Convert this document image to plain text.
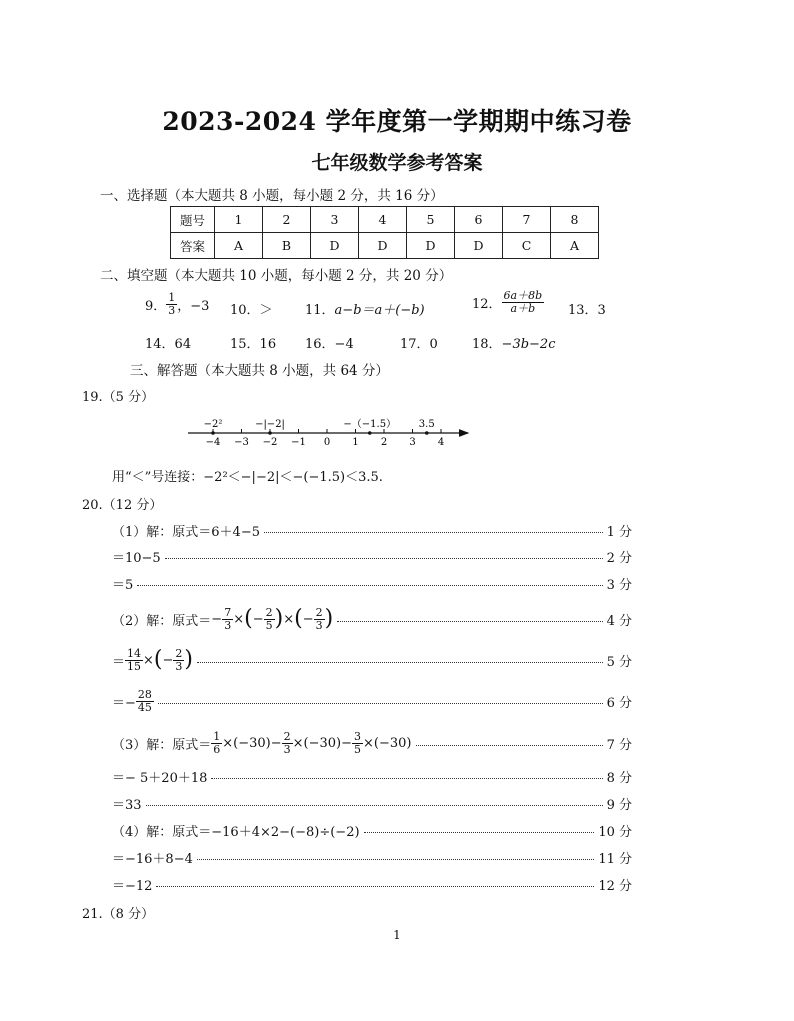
2023-2024 学年度第一学期期中练习卷
七年级数学参考答案
一、选择题（本大题共 8 小题，每小题 2 分，共 16 分）
题号	1	2	3	4	5	6	7	8
答案	A	B	D	D	D	D	C	A
二、填空题（本大题共 10 小题，每小题 2 分，共 20 分）
9． $\frac{1}{3}$ ，−3 10．＞ 11．a−b＝a＋(−b)	12． $\frac{6a+8b}{a+b} 13$．3
14．64	15．16 16．−4	17．0	18．−3b−2c
三、解答题（本大题共 8 小题，共 64 分）
19.（5 分）
−4 −3 −2 −1 0 1 2 3 4
−2²	−|−2|	−（−1.5） 3.5
用“＜”号连接：−2²＜−|−2|＜−(−1.5)＜3.5.
20.（12 分）
（1）解：原式＝6＋4−5	1 分
＝10−5	2 分
＝5	3 分
（2）解：原式＝ − $\frac{7}{3}$ × ( − $\frac{2}{5}$ ) × ( − $\frac{2}{3}$ )	4 分
＝ $\frac{14}{15}$ × ( − $\frac{2}{3}$ )	5 分
＝− $\frac{28}{45}$	6 分
（3）解：原式＝ $\frac{1}{6} \times(-30)- \frac{2}{3} \times(-30)- \frac{3}{5} \times(-30)$	7 分
＝− 5＋20＋18	8 分
＝33	9 分
（4）解：原式＝−16＋4×2−(−8)÷(−2)	10 分
＝−16＋8−4	11 分
＝−12	12 分
21.（8 分）
1
